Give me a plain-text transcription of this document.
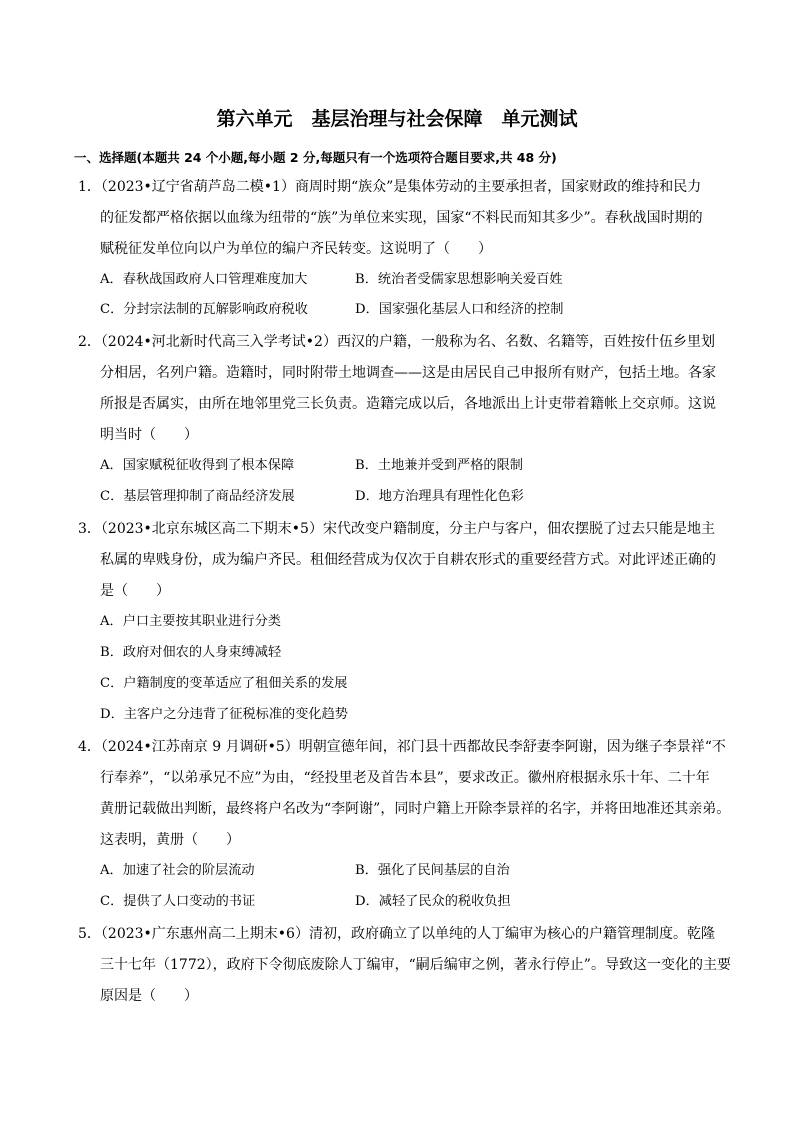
第六单元　基层治理与社会保障　单元测试
一、选择题(本题共 24 个小题,每小题 2 分,每题只有一个选项符合题目要求,共 48 分)
1．（2023•辽宁省葫芦岛二模•1）商周时期“族众”是集体劳动的主要承担者，国家财政的维持和民力
的征发都严格依据以血缘为纽带的“族”为单位来实现，国家“不料民而知其多少”。春秋战国时期的
赋税征发单位向以户为单位的编户齐民转变。这说明了（　　）
A．春秋战国政府人口管理难度加大	B．统治者受儒家思想影响关爱百姓
C．分封宗法制的瓦解影响政府税收	D．国家强化基层人口和经济的控制
2．（2024•河北新时代高三入学考试•2）西汉的户籍，一般称为名、名数、名籍等，百姓按什伍乡里划
分相居，名列户籍。造籍时，同时附带土地调查——这是由居民自己申报所有财产，包括土地。各家
所报是否属实，由所在地邻里党三长负责。造籍完成以后，各地派出上计吏带着籍帐上交京师。这说
明当时（　　）
A．国家赋税征收得到了根本保障	B．土地兼并受到严格的限制
C．基层管理抑制了商品经济发展	D．地方治理具有理性化色彩
3．（2023•北京东城区高二下期末•5）宋代改变户籍制度，分主户与客户，佃农摆脱了过去只能是地主
私属的卑贱身份，成为编户齐民。租佃经营成为仅次于自耕农形式的重要经营方式。对此评述正确的
是（　　）
A．户口主要按其职业进行分类
B．政府对佃农的人身束缚减轻
C．户籍制度的变革适应了租佃关系的发展
D．主客户之分违背了征税标准的变化趋势
4．（2024•江苏南京 9 月调研•5）明朝宣德年间，祁门县十西都故民李舒妻李阿谢，因为继子李景祥“不
行奉养”，“以弟承兄不应”为由，“经投里老及首告本县”，要求改正。徽州府根据永乐十年、二十年
黄册记载做出判断，最终将户名改为“李阿谢”，同时户籍上开除李景祥的名字，并将田地准还其亲弟。
这表明，黄册（　　）
A．加速了社会的阶层流动	B．强化了民间基层的自治
C．提供了人口变动的书证	D．减轻了民众的税收负担
5．（2023•广东惠州高二上期末•6）清初，政府确立了以单纯的人丁编审为核心的户籍管理制度。乾隆
三十七年（1772），政府下令彻底废除人丁编审，“嗣后编审之例，著永行停止”。导致这一变化的主要
原因是（　　）
